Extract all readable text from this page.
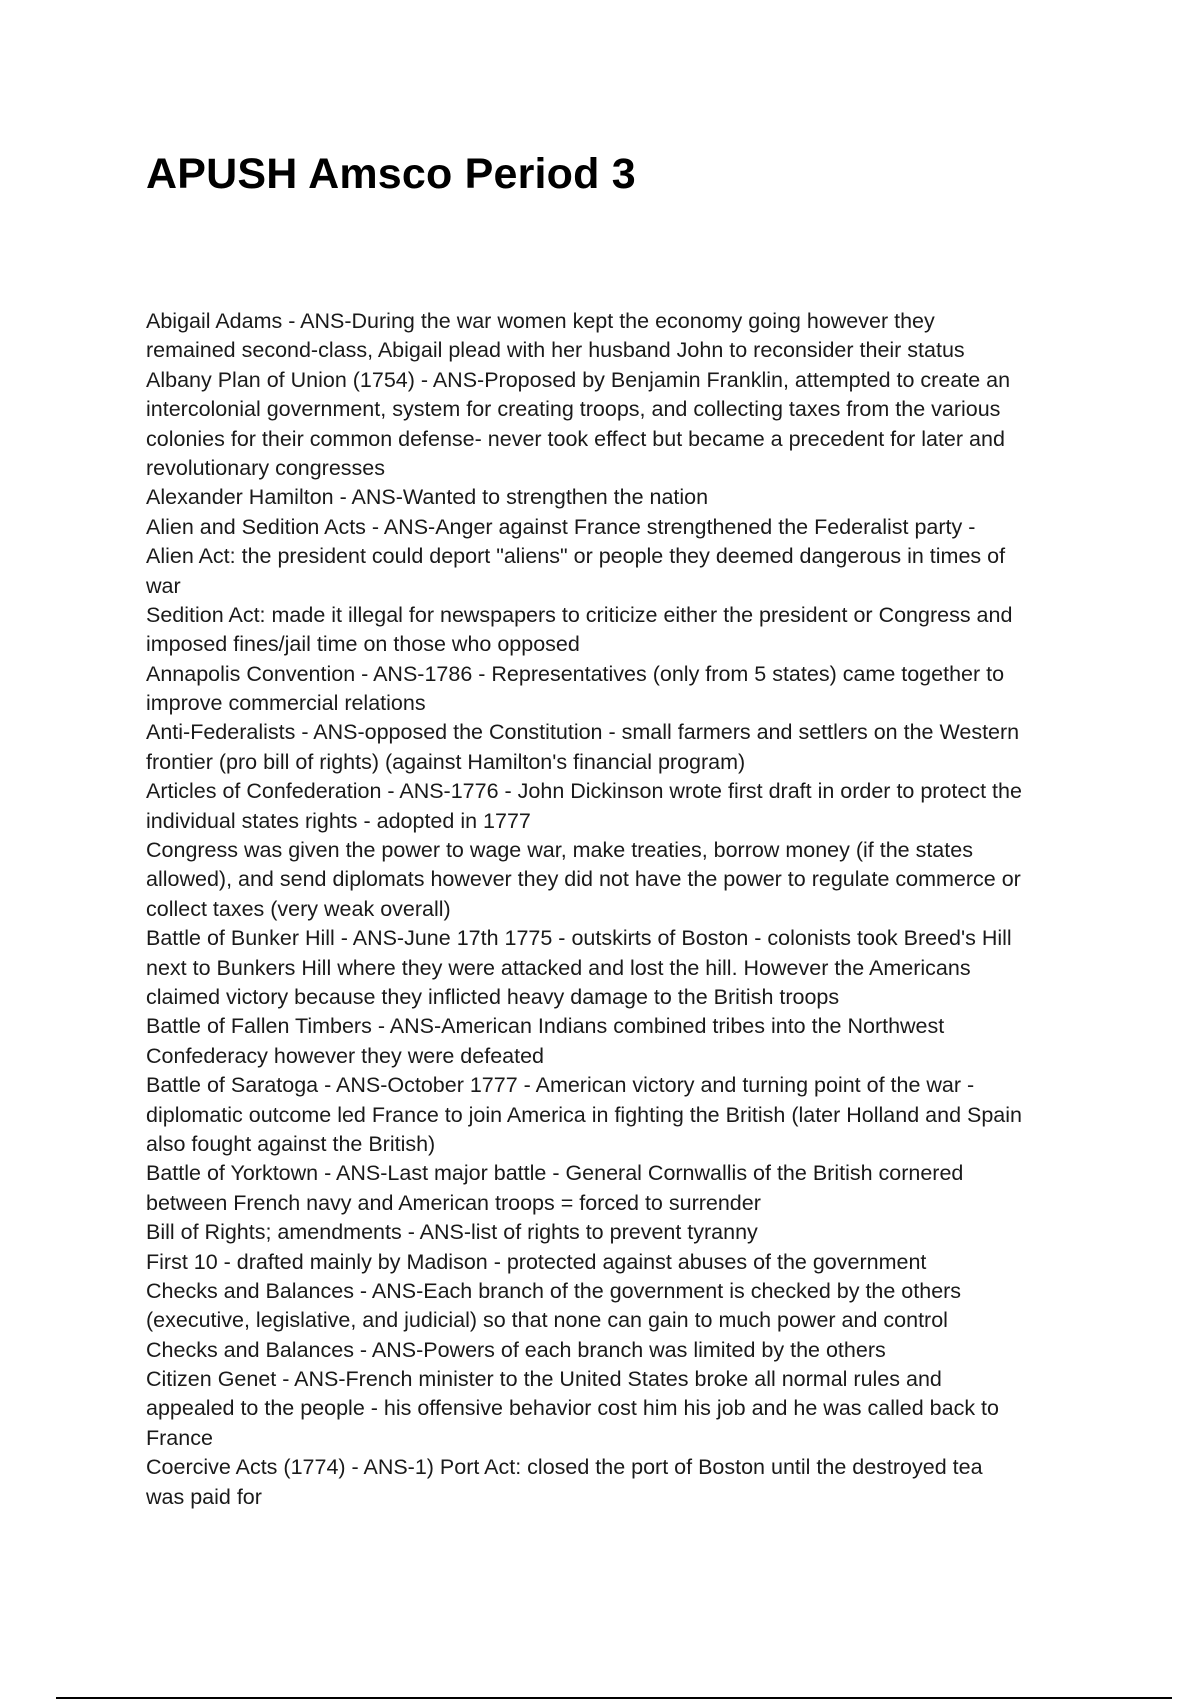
APUSH Amsco Period 3
Abigail Adams - ANS-During the war women kept the economy going however they
remained second-class, Abigail plead with her husband John to reconsider their status
Albany Plan of Union (1754) - ANS-Proposed by Benjamin Franklin, attempted to create an
intercolonial government, system for creating troops, and collecting taxes from the various
colonies for their common defense- never took effect but became a precedent for later and
revolutionary congresses
Alexander Hamilton - ANS-Wanted to strengthen the nation
Alien and Sedition Acts - ANS-Anger against France strengthened the Federalist party -
Alien Act: the president could deport "aliens" or people they deemed dangerous in times of
war
Sedition Act: made it illegal for newspapers to criticize either the president or Congress and
imposed fines/jail time on those who opposed
Annapolis Convention - ANS-1786 - Representatives (only from 5 states) came together to
improve commercial relations
Anti-Federalists - ANS-opposed the Constitution - small farmers and settlers on the Western
frontier (pro bill of rights) (against Hamilton's financial program)
Articles of Confederation - ANS-1776 - John Dickinson wrote first draft in order to protect the
individual states rights - adopted in 1777
Congress was given the power to wage war, make treaties, borrow money (if the states
allowed), and send diplomats however they did not have the power to regulate commerce or
collect taxes (very weak overall)
Battle of Bunker Hill - ANS-June 17th 1775 - outskirts of Boston - colonists took Breed's Hill
next to Bunkers Hill where they were attacked and lost the hill. However the Americans
claimed victory because they inflicted heavy damage to the British troops
Battle of Fallen Timbers - ANS-American Indians combined tribes into the Northwest
Confederacy however they were defeated
Battle of Saratoga - ANS-October 1777 - American victory and turning point of the war -
diplomatic outcome led France to join America in fighting the British (later Holland and Spain
also fought against the British)
Battle of Yorktown - ANS-Last major battle - General Cornwallis of the British cornered
between French navy and American troops = forced to surrender
Bill of Rights; amendments - ANS-list of rights to prevent tyranny
First 10 - drafted mainly by Madison - protected against abuses of the government
Checks and Balances - ANS-Each branch of the government is checked by the others
(executive, legislative, and judicial) so that none can gain to much power and control
Checks and Balances - ANS-Powers of each branch was limited by the others
Citizen Genet - ANS-French minister to the United States broke all normal rules and
appealed to the people - his offensive behavior cost him his job and he was called back to
France
Coercive Acts (1774) - ANS-1) Port Act: closed the port of Boston until the destroyed tea
was paid for
